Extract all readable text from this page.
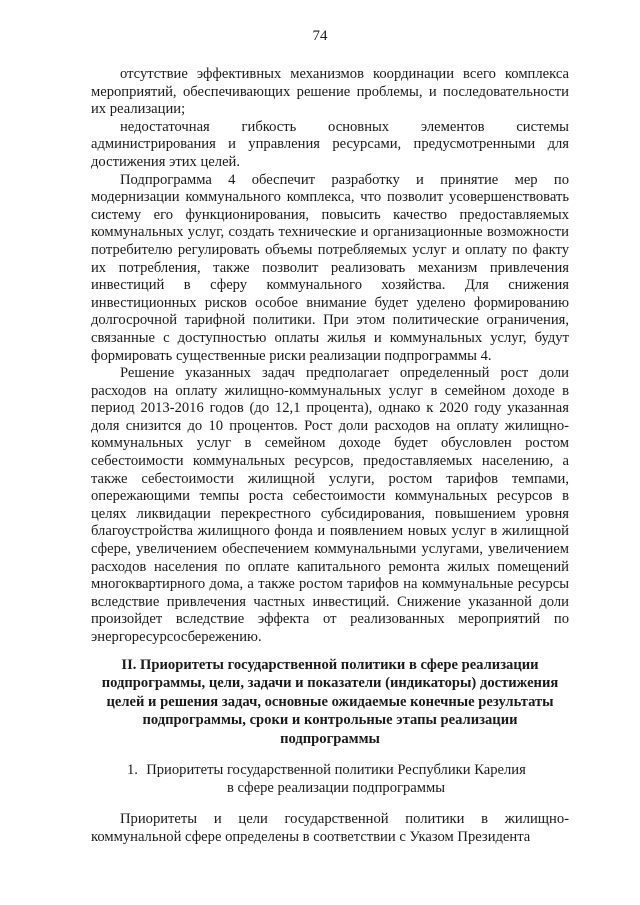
74

отсутствие эффективных механизмов координации всего комплекса мероприятий, обеспечивающих решение проблемы, и последовательности их реализации;

недостаточная гибкость основных элементов системы администрирования и управления ресурсами, предусмотренными для достижения этих целей.

Подпрограмма 4 обеспечит разработку и принятие мер по модернизации коммунального комплекса, что позволит усовершенствовать систему его функционирования, повысить качество предоставляемых коммунальных услуг, создать технические и организационные возможности потребителю регулировать объемы потребляемых услуг и оплату по факту их потребления, также позволит реализовать механизм привлечения инвестиций в сферу коммунального хозяйства. Для снижения инвестиционных рисков особое внимание будет уделено формированию долгосрочной тарифной политики. При этом политические ограничения, связанные с доступностью оплаты жилья и коммунальных услуг, будут формировать существенные риски реализации подпрограммы 4.

Решение указанных задач предполагает определенный рост доли расходов на оплату жилищно-коммунальных услуг в семейном доходе в период 2013-2016 годов (до 12,1 процента), однако к 2020 году указанная доля снизится до 10 процентов. Рост доли расходов на оплату жилищно-коммунальных услуг в семейном доходе будет обусловлен ростом себестоимости коммунальных ресурсов, предоставляемых населению, а также себестоимости жилищной услуги, ростом тарифов темпами, опережающими темпы роста себестоимости коммунальных ресурсов в целях ликвидации перекрестного субсидирования, повышением уровня благоустройства жилищного фонда и появлением новых услуг в жилищной сфере, увеличением обеспечением коммунальными услугами, увеличением расходов населения по оплате капитального ремонта жилых помещений многоквартирного дома, а также ростом тарифов на коммунальные ресурсы вследствие привлечения частных инвестиций. Снижение указанной доли произойдет вследствие эффекта от реализованных мероприятий по энергоресурсосбережению.

II. Приоритеты государственной политики в сфере реализации подпрограммы, цели, задачи и показатели (индикаторы) достижения целей и решения задач, основные ожидаемые конечные результаты подпрограммы, сроки и контрольные этапы реализации подпрограммы
1. Приоритеты государственной политики Республики Карелия в сфере реализации подпрограммы

Приоритеты и цели государственной политики в жилищно-коммунальной сфере определены в соответствии с Указом Президента
